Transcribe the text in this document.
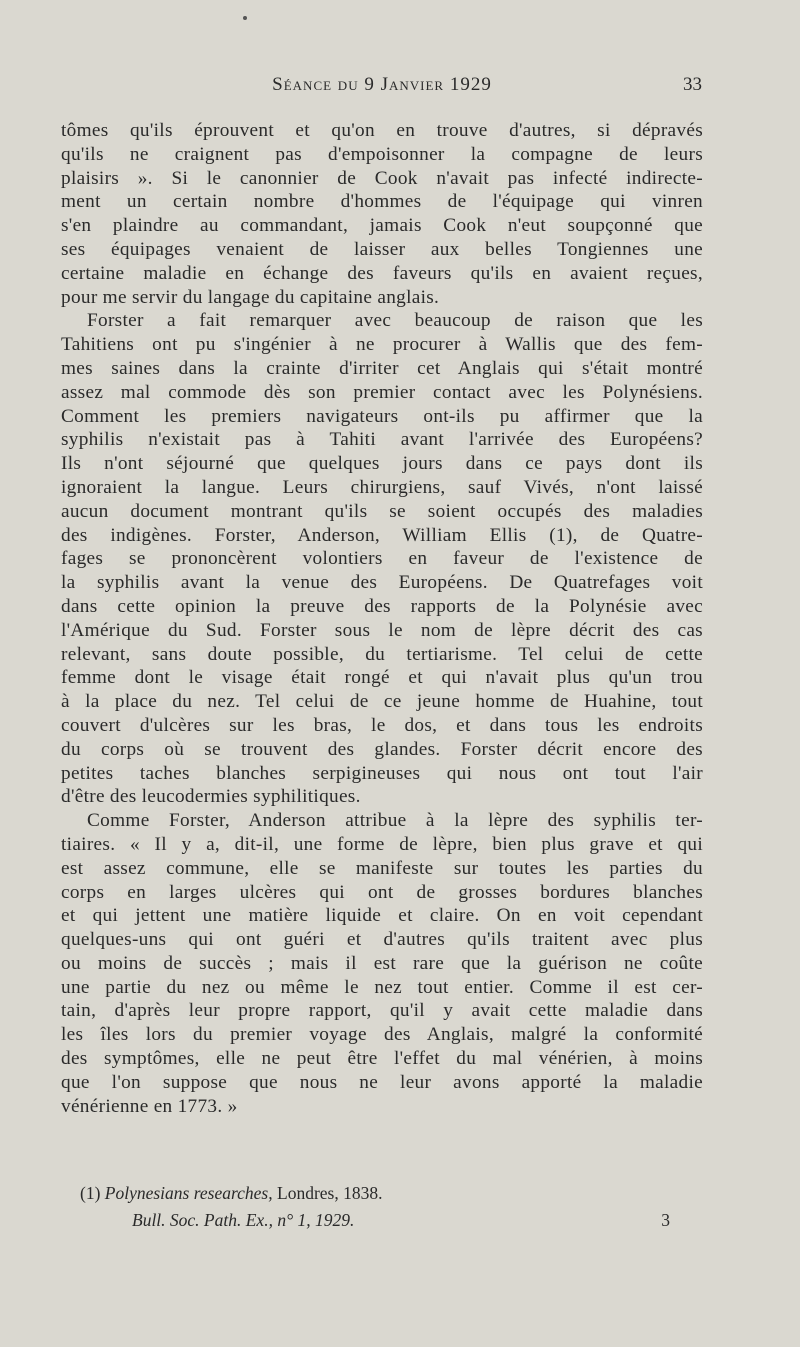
Séance du 9 Janvier 1929	33
tômes qu'ils éprouvent et qu'on en trouve d'autres, si dépravés
qu'ils ne craignent pas d'empoisonner la compagne de leurs
plaisirs ». Si le canonnier de Cook n'avait pas infecté indirecte-
ment un certain nombre d'hommes de l'équipage qui vinren
s'en plaindre au commandant, jamais Cook n'eut soupçonné que
ses équipages venaient de laisser aux belles Tongiennes une
certaine maladie en échange des faveurs qu'ils en avaient reçues,
pour me servir du langage du capitaine anglais.
Forster a fait remarquer avec beaucoup de raison que les
Tahitiens ont pu s'ingénier à ne procurer à Wallis que des fem-
mes saines dans la crainte d'irriter cet Anglais qui s'était montré
assez mal commode dès son premier contact avec les Polynésiens.
Comment les premiers navigateurs ont-ils pu affirmer que la
syphilis n'existait pas à Tahiti avant l'arrivée des Européens?
Ils n'ont séjourné que quelques jours dans ce pays dont ils
ignoraient la langue. Leurs chirurgiens, sauf Vivés, n'ont laissé
aucun document montrant qu'ils se soient occupés des maladies
des indigènes. Forster, Anderson, William Ellis (1), de Quatre-
fages se prononcèrent volontiers en faveur de l'existence de
la syphilis avant la venue des Européens. De Quatrefages voit
dans cette opinion la preuve des rapports de la Polynésie avec
l'Amérique du Sud. Forster sous le nom de lèpre décrit des cas
relevant, sans doute possible, du tertiarisme. Tel celui de cette
femme dont le visage était rongé et qui n'avait plus qu'un trou
à la place du nez. Tel celui de ce jeune homme de Huahine, tout
couvert d'ulcères sur les bras, le dos, et dans tous les endroits
du corps où se trouvent des glandes. Forster décrit encore des
petites taches blanches serpigineuses qui nous ont tout l'air
d'être des leucodermies syphilitiques.
Comme Forster, Anderson attribue à la lèpre des syphilis ter-
tiaires. « Il y a, dit-il, une forme de lèpre, bien plus grave et qui
est assez commune, elle se manifeste sur toutes les parties du
corps en larges ulcères qui ont de grosses bordures blanches
et qui jettent une matière liquide et claire. On en voit cependant
quelques-uns qui ont guéri et d'autres qu'ils traitent avec plus
ou moins de succès ; mais il est rare que la guérison ne coûte
une partie du nez ou même le nez tout entier. Comme il est cer-
tain, d'après leur propre rapport, qu'il y avait cette maladie dans
les îles lors du premier voyage des Anglais, malgré la conformité
des symptômes, elle ne peut être l'effet du mal vénérien, à moins
que l'on suppose que nous ne leur avons apporté la maladie
vénérienne en 1773. »
(1) Polynesians researches, Londres, 1838.
Bull. Soc. Path. Ex., n° 1, 1929.	3
